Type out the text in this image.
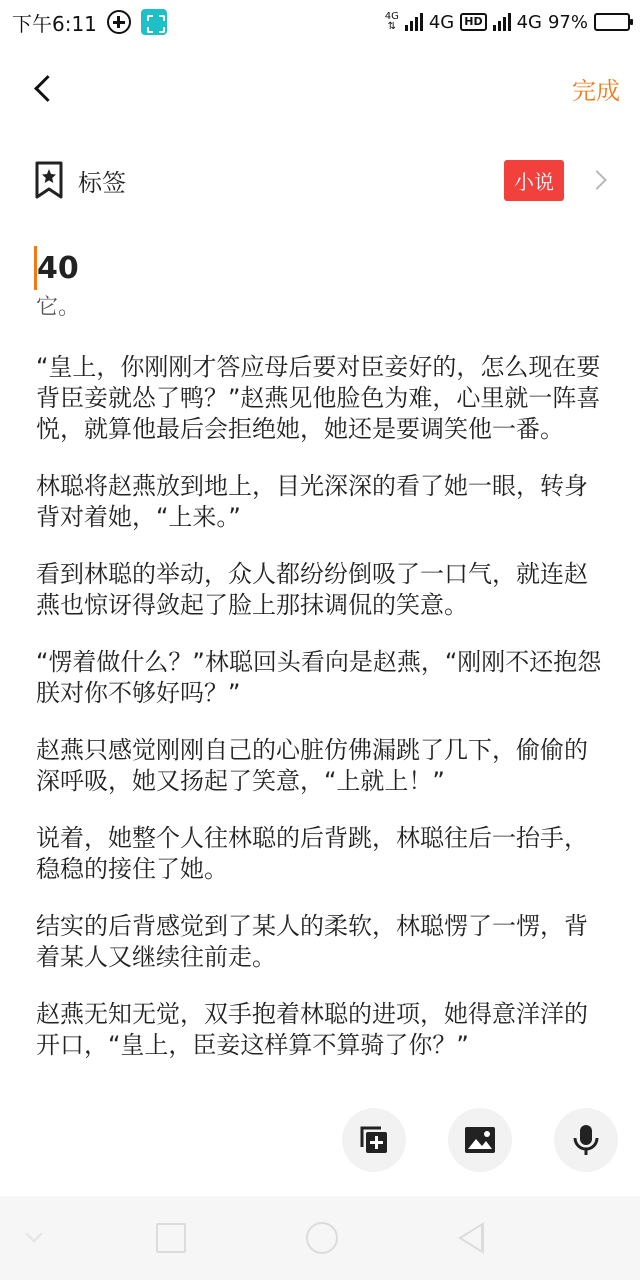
下午6:11	4G
⇅ 4G HD 4G 97%
完成
标签	小说
40
它。

“皇上，你刚刚才答应母后要对臣妾好的，怎么现在要背臣妾就怂了鸭？”赵燕见他脸色为难，心里就一阵喜悦，就算他最后会拒绝她，她还是要调笑他一番。

林聪将赵燕放到地上，目光深深的看了她一眼，转身背对着她，“上来。”

看到林聪的举动，众人都纷纷倒吸了一口气，就连赵燕也惊讶得敛起了脸上那抹调侃的笑意。

“愣着做什么？”林聪回头看向是赵燕，“刚刚不还抱怨朕对你不够好吗？”

赵燕只感觉刚刚自己的心脏仿佛漏跳了几下，偷偷的深呼吸，她又扬起了笑意，“上就上！”

说着，她整个人往林聪的后背跳，林聪往后一抬手，稳稳的接住了她。

结实的后背感觉到了某人的柔软，林聪愣了一愣，背着某人又继续往前走。

赵燕无知无觉，双手抱着林聪的进项，她得意洋洋的开口，“皇上，臣妾这样算不算骑了你？”
